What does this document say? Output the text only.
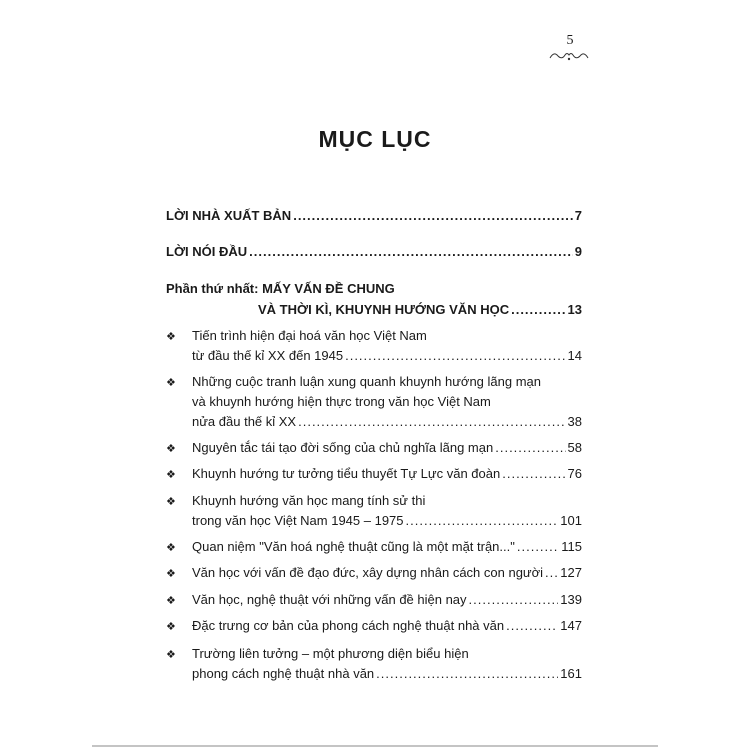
5
MỤC LỤC
LỜI NHÀ XUẤT BẢN .....	7
LỜI NÓI ĐẦU .....	9
Phần thứ nhất: MẤY VẤN ĐỀ CHUNG
VÀ THỜI KÌ, KHUYNH HƯỚNG VĂN HỌC .....	13
❖ Tiến trình hiện đại hoá văn học Việt Nam
từ đầu thế kỉ XX đến 1945 .....	14
❖ Những cuộc tranh luận xung quanh khuynh hướng lãng mạn
và khuynh hướng hiện thực trong văn học Việt Nam
nửa đầu thế kỉ XX .....	38
❖ Nguyên tắc tái tạo đời sống của chủ nghĩa lãng mạn .....	58
❖ Khuynh hướng tư tưởng tiểu thuyết Tự Lực văn đoàn .....	76
❖ Khuynh hướng văn học mang tính sử thi
trong văn học Việt Nam 1945 – 1975 .....	101
❖ Quan niệm "Văn hoá nghệ thuật cũng là một mặt trận..." .....	115
❖ Văn học với vấn đề đạo đức, xây dựng nhân cách con người ..... 127
❖ Văn học, nghệ thuật với những vấn đề hiện nay .....	139
❖ Đặc trưng cơ bản của phong cách nghệ thuật nhà văn .....	147
❖ Trường liên tưởng – một phương diện biểu hiện
phong cách nghệ thuật nhà văn .....	161
